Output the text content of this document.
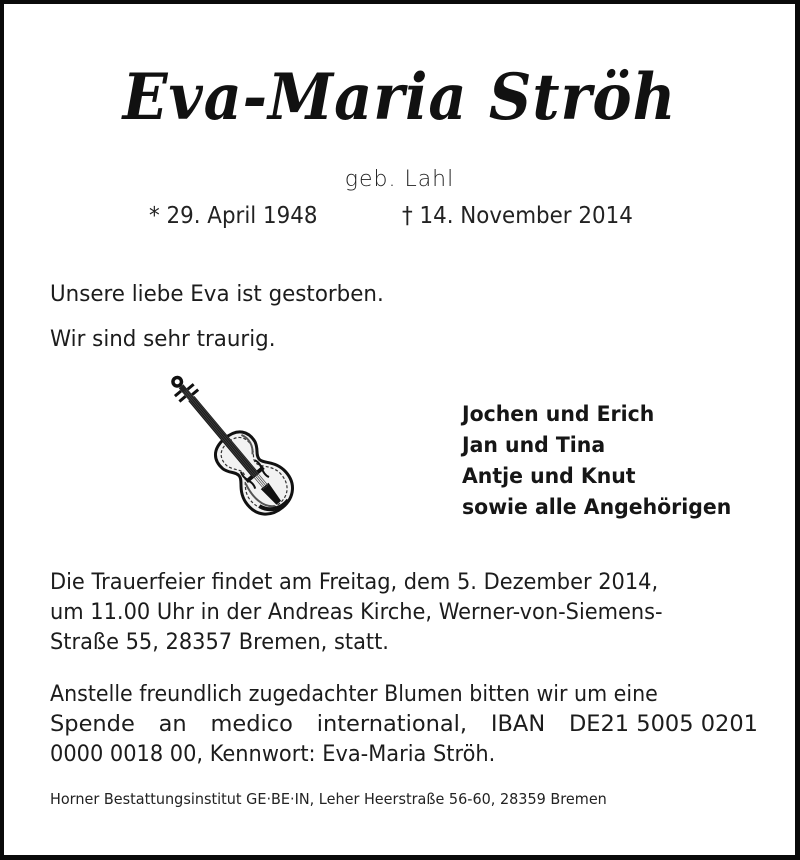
Eva-Maria Ströh
geb. Lahl
* 29. April 1948	† 14. November 2014
Unsere liebe Eva ist gestorben.
Wir sind sehr traurig.
Jochen und Erich
Jan und Tina
Antje und Knut
sowie alle Angehörigen
Die Trauerfeier findet am Freitag, dem 5. Dezember 2014,
um 11.00 Uhr in der Andreas Kirche, Werner-von-Siemens-
Straße 55, 28357 Bremen, statt.
Anstelle freundlich zugedachter Blumen bitten wir um eine
Spende an medico international, IBAN DE21 5005 0201
0000 0018 00, Kennwort: Eva-Maria Ströh.
Horner Bestattungsinstitut GE·BE·IN, Leher Heerstraße 56-60, 28359 Bremen
